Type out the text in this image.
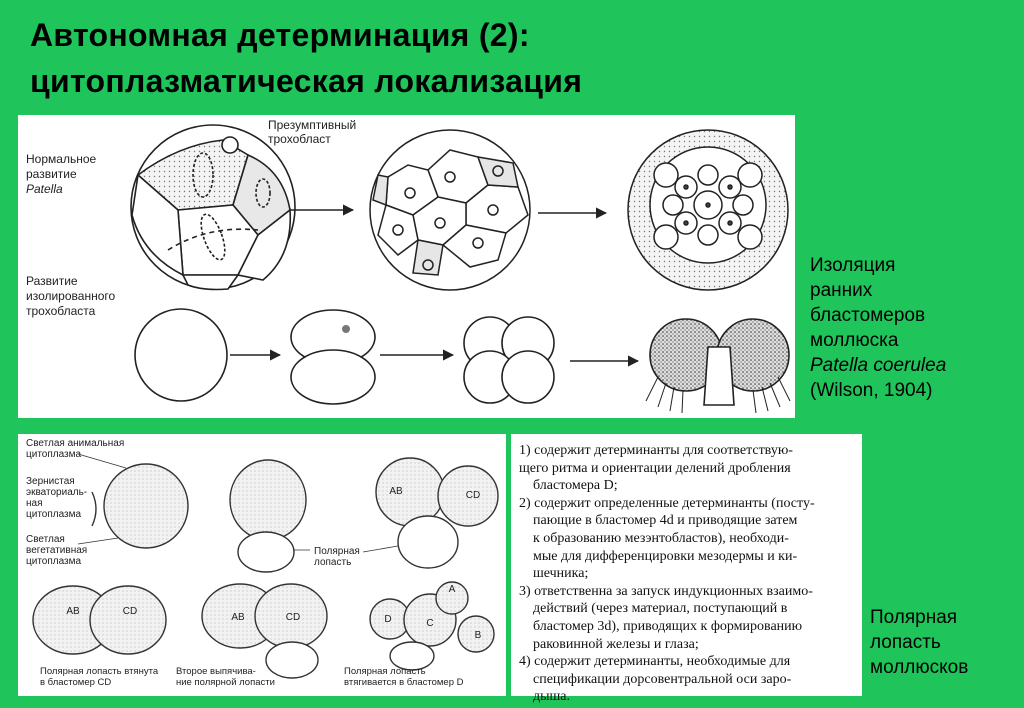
Автономная детерминация (2):
цитоплазматическая локализация
Нормальное
развитие
Patella
Презумптивный
трохобласт
Развитие
изолированного
трохобласта
Изоляция
ранних
бластомеров
моллюска
Patella coerulea
(Wilson, 1904)
Светлая анимальная
цитоплазма
Зернистая
экваториаль-
ная
цитоплазма
Светлая
вегетативная
цитоплазма
Полярная
лопасть
AB	CD
AB	CD
AB	CD
A
B
C
D
Полярная лопасть втянута
в бластомер CD
Второе выпячива-
ние полярной лопасти
Полярная лопасть
втягивается в бластомер D
1) содержит детерминанты для соответствую-
щего ритма и ориентации делений дробления
бластомера D;
2) содержит определенные детерминанты (посту-
пающие в бластомер 4d и приводящие затем
к образованию мезэнтобластов), необходи-
мые для дифференцировки мезодермы и ки-
шечника;
3) ответственна за запуск индукционных взаимо-
действий (через материал, поступающий в
бластомер 3d), приводящих к формированию
раковинной железы и глаза;
4) содержит детерминанты, необходимые для
спецификации дорсовентральной оси заро-
дыша.
Полярная
лопасть
моллюсков
